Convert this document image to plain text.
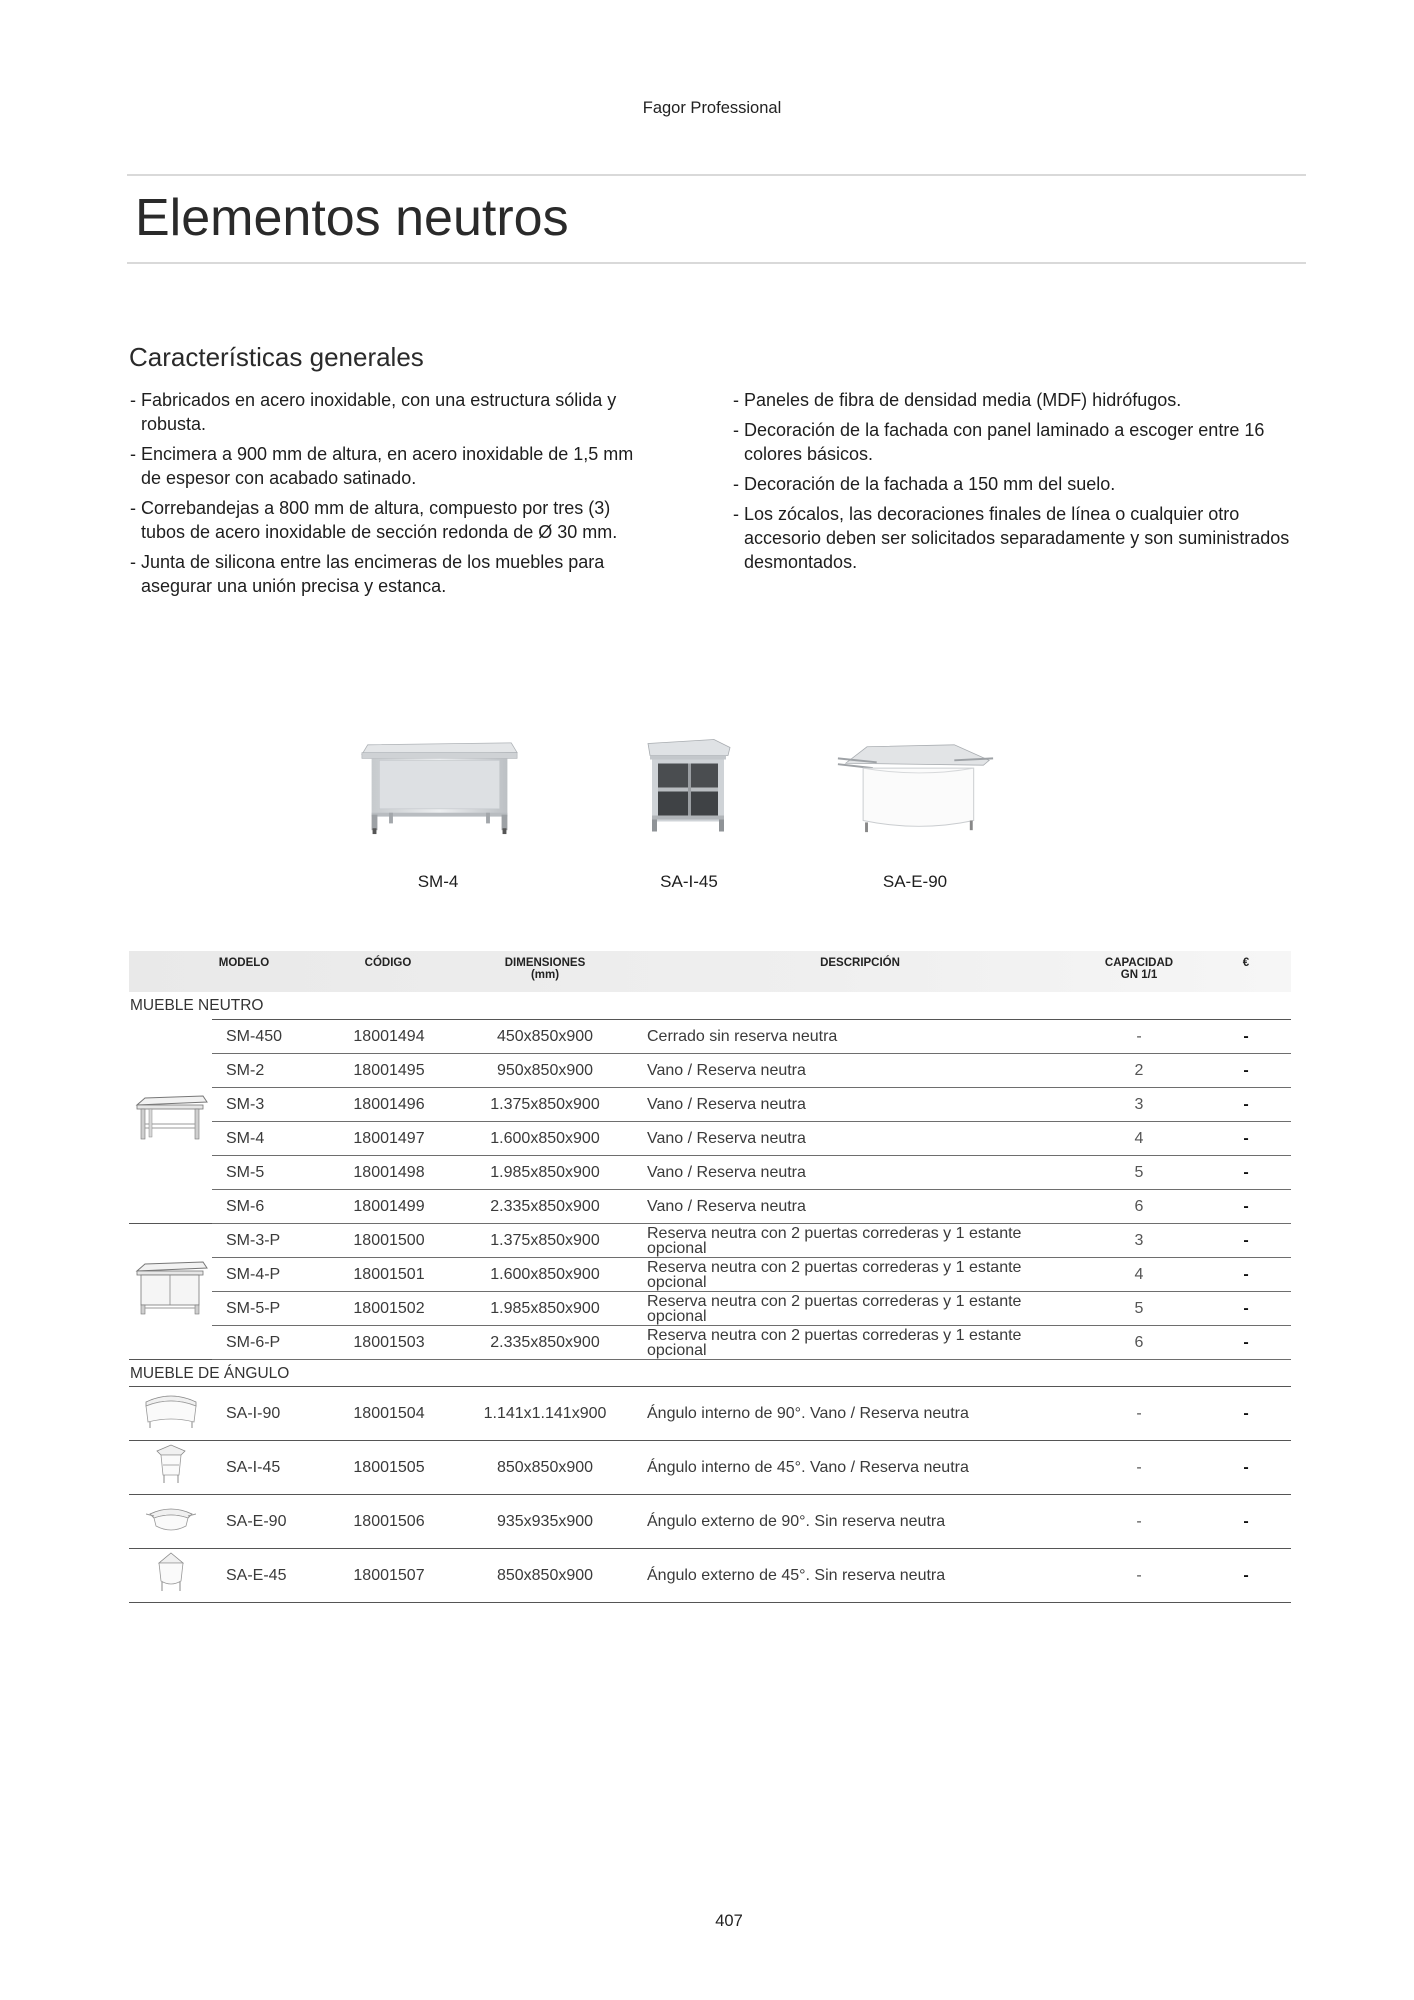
Fagor Professional
Elementos neutros
Características generales
- Fabricados en acero inoxidable, con una estructura sólida y robusta.
- Encimera a 900 mm de altura, en acero inoxidable de 1,5 mm de espesor con acabado satinado.
- Correbandejas a 800 mm de altura, compuesto por tres (3) tubos de acero inoxidable de sección redonda de Ø 30 mm.
- Junta de silicona entre las encimeras de los muebles para asegurar una unión precisa y estanca.
- Paneles de fibra de densidad media (MDF) hidrófugos.
- Decoración de la fachada con panel laminado a escoger entre 16 colores básicos.
- Decoración de la fachada a 150 mm del suelo.
- Los zócalos, las decoraciones finales de línea o cualquier otro accesorio deben ser solicitados separadamente y son suministrados desmontados.
SM-4	SA-I-45	SA-E-90
MODELO	CÓDIGO	DIMENSIONES
(mm)
DESCRIPCIÓN	CAPACIDAD
GN 1/1
€
MUEBLE NEUTRO
SM-450	18001494	450x850x900	Cerrado sin reserva neutra	-	-
SM-2	18001495	950x850x900	Vano / Reserva neutra	2	-
SM-3	18001496	1.375x850x900	Vano / Reserva neutra	3	-
SM-4	18001497	1.600x850x900	Vano / Reserva neutra	4	-
SM-5	18001498	1.985x850x900	Vano / Reserva neutra	5	-
SM-6	18001499	2.335x850x900	Vano / Reserva neutra	6	-
SM-3-P	18001500	1.375x850x900	Reserva neutra con 2 puertas correderas y 1 estante opcional	3	-
SM-4-P	18001501	1.600x850x900	Reserva neutra con 2 puertas correderas y 1 estante opcional	4	-
SM-5-P	18001502	1.985x850x900	Reserva neutra con 2 puertas correderas y 1 estante opcional	5	-
SM-6-P	18001503	2.335x850x900	Reserva neutra con 2 puertas correderas y 1 estante opcional	6	-
MUEBLE DE ÁNGULO
SA-I-90	18001504	1.141x1.141x900	Ángulo interno de 90°. Vano / Reserva neutra	-	-
SA-I-45	18001505	850x850x900	Ángulo interno de 45°. Vano / Reserva neutra	-	-
SA-E-90	18001506	935x935x900	Ángulo externo de 90°. Sin reserva neutra	-	-
SA-E-45	18001507	850x850x900	Ángulo externo de 45°. Sin reserva neutra	-	-
407
